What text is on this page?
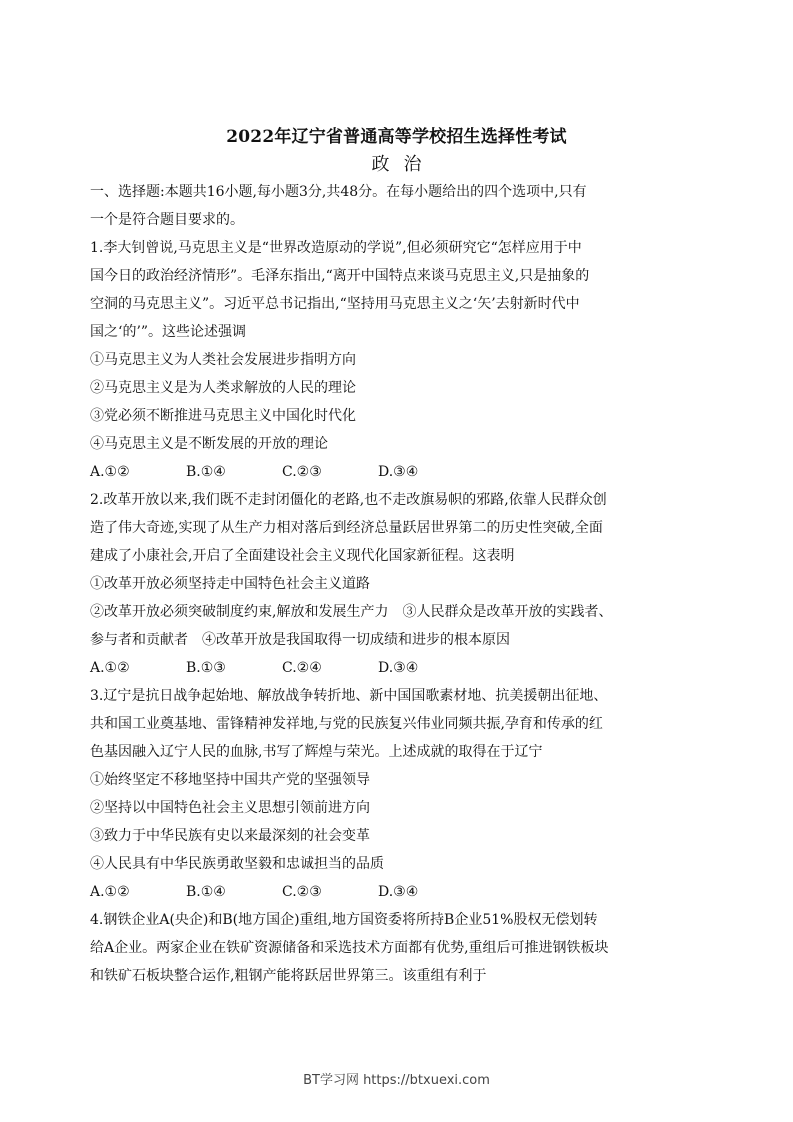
2022年辽宁省普通高等学校招生选择性考试
政治
一、选择题:本题共16小题,每小题3分,共48分。在每小题给出的四个选项中,只有
一个是符合题目要求的。
1.李大钊曾说,马克思主义是“世界改造原动的学说”,但必须研究它“怎样应用于中
国今日的政治经济情形”。毛泽东指出,“离开中国特点来谈马克思主义,只是抽象的
空洞的马克思主义”。习近平总书记指出,“坚持用马克思主义之‘矢’去射新时代中
国之‘的’”。这些论述强调
①马克思主义为人类社会发展进步指明方向
②马克思主义是为人类求解放的人民的理论
③党必须不断推进马克思主义中国化时代化
④马克思主义是不断发展的开放的理论
A.①②	B.①④	C.②③	D.③④
2.改革开放以来,我们既不走封闭僵化的老路,也不走改旗易帜的邪路,依靠人民群众创
造了伟大奇迹,实现了从生产力相对落后到经济总量跃居世界第二的历史性突破,全面
建成了小康社会,开启了全面建设社会主义现代化国家新征程。这表明
①改革开放必须坚持走中国特色社会主义道路
②改革开放必须突破制度约束,解放和发展生产力　③人民群众是改革开放的实践者、
参与者和贡献者　④改革开放是我国取得一切成绩和进步的根本原因
A.①②	B.①③	C.②④	D.③④
3.辽宁是抗日战争起始地、解放战争转折地、新中国国歌素材地、抗美援朝出征地、
共和国工业奠基地、雷锋精神发祥地,与党的民族复兴伟业同频共振,孕育和传承的红
色基因融入辽宁人民的血脉,书写了辉煌与荣光。上述成就的取得在于辽宁
①始终坚定不移地坚持中国共产党的坚强领导
②坚持以中国特色社会主义思想引领前进方向
③致力于中华民族有史以来最深刻的社会变革
④人民具有中华民族勇敢坚毅和忠诚担当的品质
A.①②	B.①④	C.②③	D.③④
4.钢铁企业A(央企)和B(地方国企)重组,地方国资委将所持B企业51%股权无偿划转
给A企业。两家企业在铁矿资源储备和采选技术方面都有优势,重组后可推进钢铁板块
和铁矿石板块整合运作,粗钢产能将跃居世界第三。该重组有利于
BT学习网 https://btxuexi.com
